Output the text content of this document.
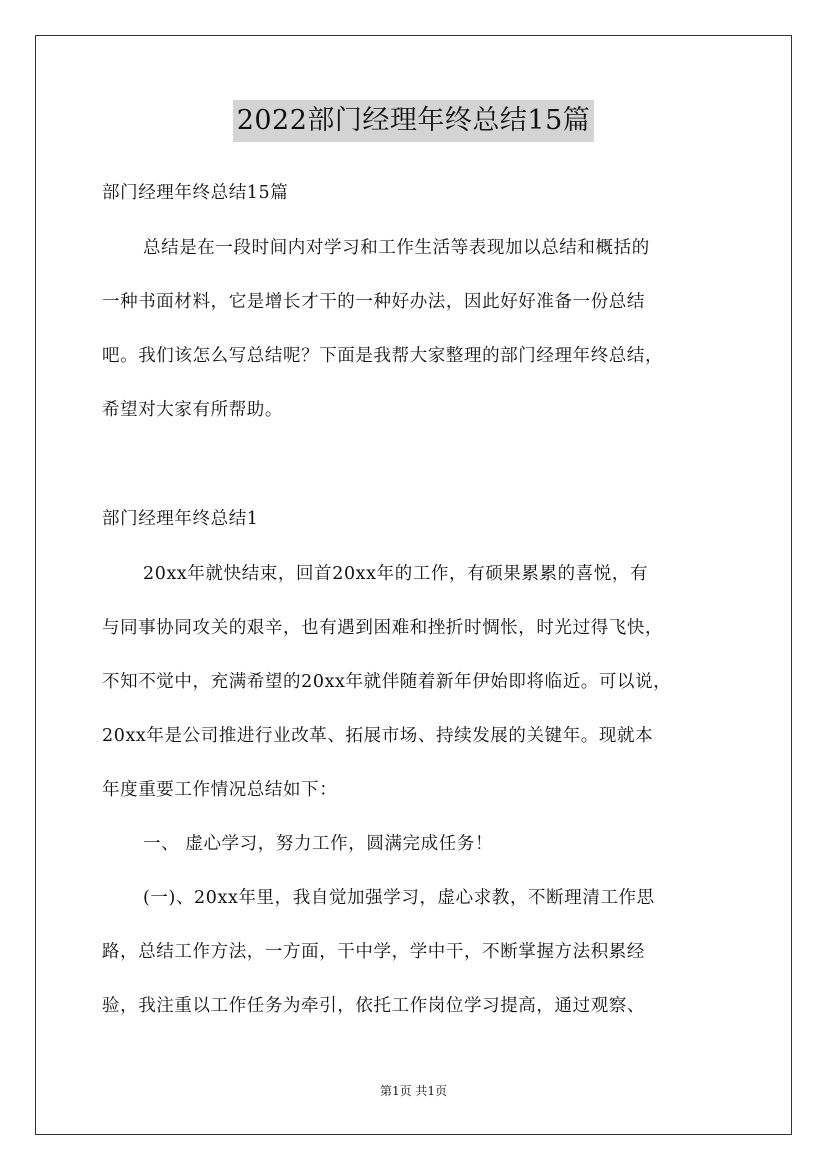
2022部门经理年终总结15篇
部门经理年终总结15篇
总结是在一段时间内对学习和工作生活等表现加以总结和概括的
一种书面材料，它是增长才干的一种好办法，因此好好准备一份总结
吧。我们该怎么写总结呢？下面是我帮大家整理的部门经理年终总结，
希望对大家有所帮助。
部门经理年终总结1
20xx年就快结束，回首20xx年的工作，有硕果累累的喜悦，有
与同事协同攻关的艰辛，也有遇到困难和挫折时惆怅，时光过得飞快，
不知不觉中，充满希望的20xx年就伴随着新年伊始即将临近。可以说，
20xx年是公司推进行业改革、拓展市场、持续发展的关键年。现就本
年度重要工作情况总结如下：
一、 虚心学习，努力工作，圆满完成任务！
(一)、20xx年里，我自觉加强学习，虚心求教，不断理清工作思
路，总结工作方法，一方面，干中学，学中干，不断掌握方法积累经
验，我注重以工作任务为牵引，依托工作岗位学习提高，通过观察、
第1页 共1页
